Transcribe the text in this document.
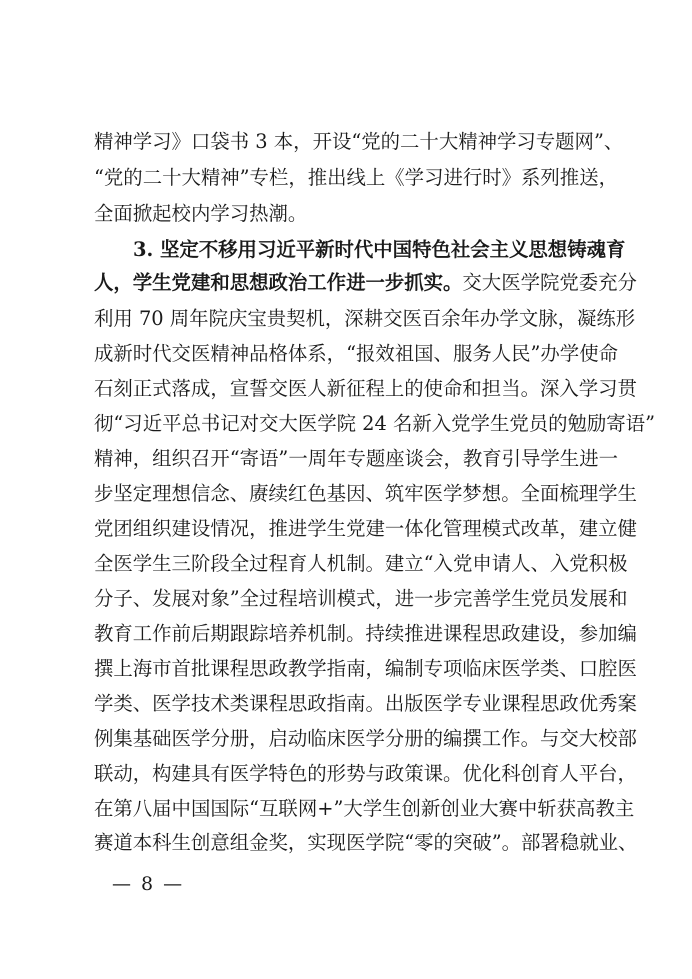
精神学习》口袋书 3 本，开设“党的二十大精神学习专题网”、
“党的二十大精神”专栏，推出线上《学习进行时》系列推送，
全面掀起校内学习热潮。
3. 坚定不移用习近平新时代中国特色社会主义思想铸魂育
人，学生党建和思想政治工作进一步抓实。交大医学院党委充分
利用 70 周年院庆宝贵契机，深耕交医百余年办学文脉，凝练形
成新时代交医精神品格体系，“报效祖国、服务人民”办学使命
石刻正式落成，宣誓交医人新征程上的使命和担当。深入学习贯
彻“习近平总书记对交大医学院 24 名新入党学生党员的勉励寄语”
精神，组织召开“寄语”一周年专题座谈会，教育引导学生进一
步坚定理想信念、赓续红色基因、筑牢医学梦想。全面梳理学生
党团组织建设情况，推进学生党建一体化管理模式改革，建立健
全医学生三阶段全过程育人机制。建立“入党申请人、入党积极
分子、发展对象”全过程培训模式，进一步完善学生党员发展和
教育工作前后期跟踪培养机制。持续推进课程思政建设，参加编
撰上海市首批课程思政教学指南，编制专项临床医学类、口腔医
学类、医学技术类课程思政指南。出版医学专业课程思政优秀案
例集基础医学分册，启动临床医学分册的编撰工作。与交大校部
联动，构建具有医学特色的形势与政策课。优化科创育人平台，
在第八届中国国际“互联网+”大学生创新创业大赛中斩获高教主
赛道本科生创意组金奖，实现医学院“零的突破”。部署稳就业、
— 8 —
